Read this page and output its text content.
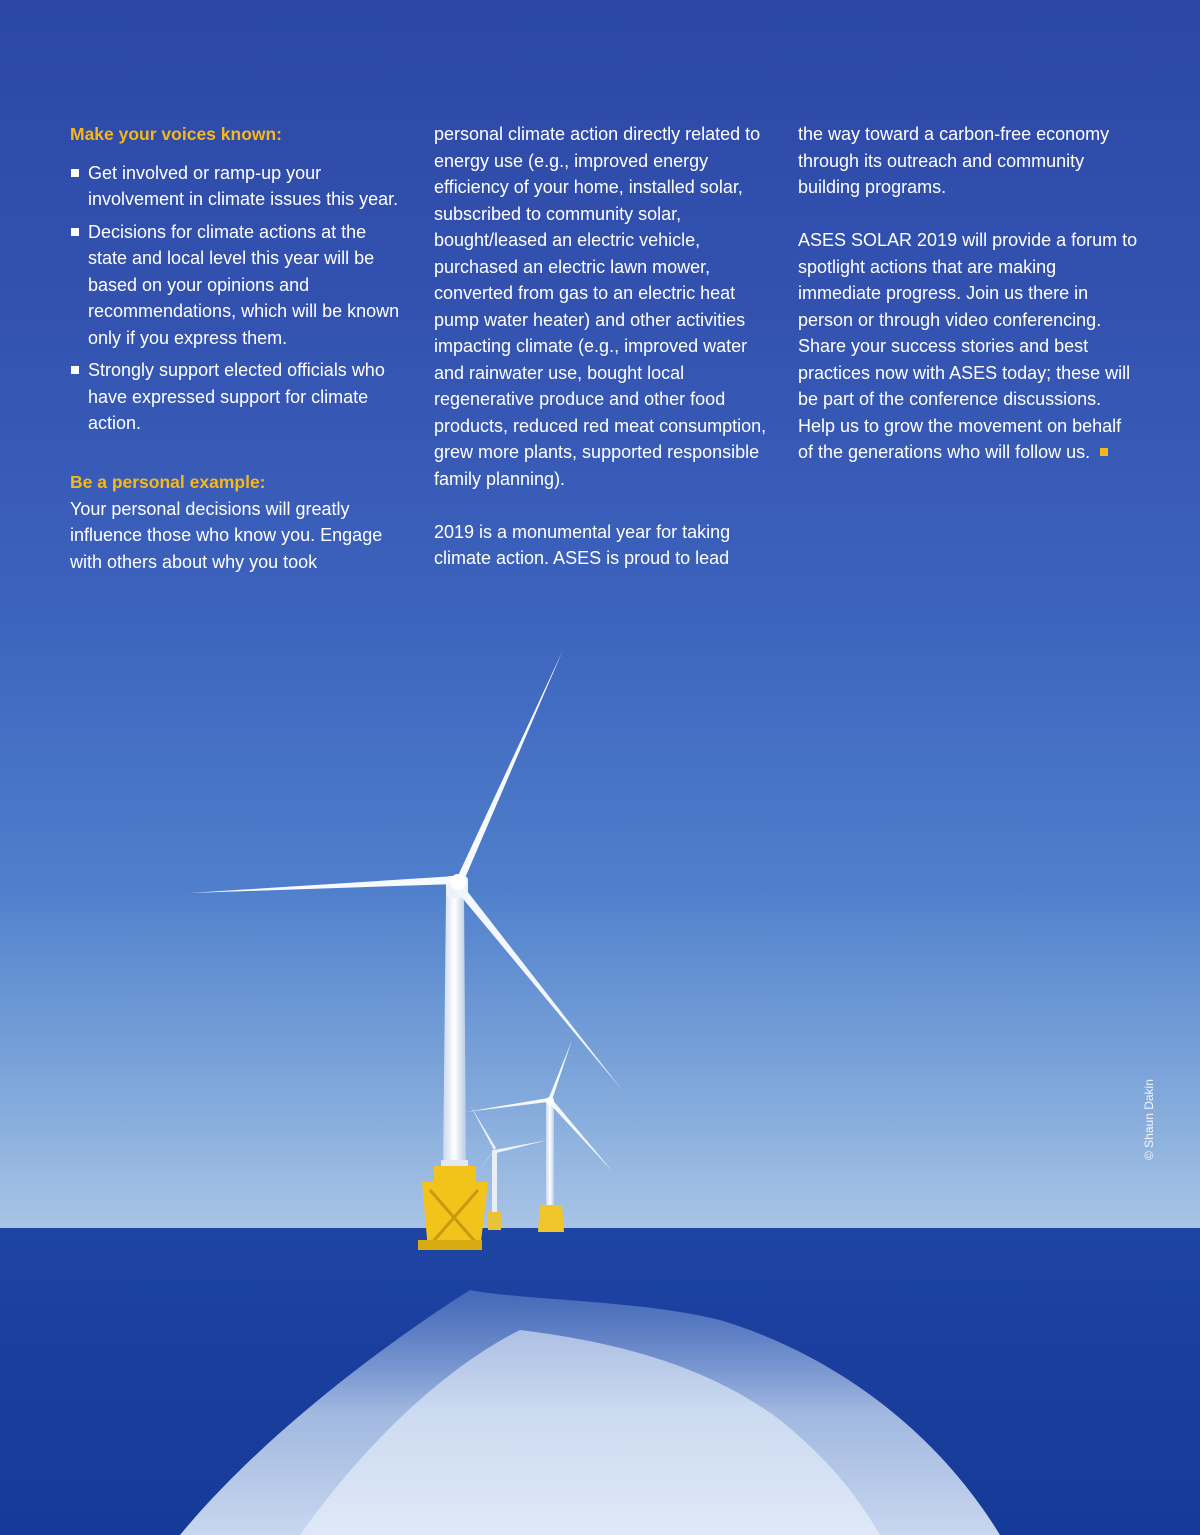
Make your voices known:

Get involved or ramp-up your involvement in climate issues this year.
Decisions for climate actions at the state and local level this year will be based on your opinions and recommendations, which will be known only if you express them.
Strongly support elected officials who have expressed support for climate action.

Be a personal example:

Your personal decisions will greatly influence those who know you. Engage with others about why you took

personal climate action directly related to energy use (e.g., improved energy efficiency of your home, installed solar, subscribed to community solar, bought/leased an electric vehicle, purchased an electric lawn mower, converted from gas to an electric heat pump water heater) and other activities impacting climate (e.g., improved water and rainwater use, bought local regenerative produce and other food products, reduced red meat consumption, grew more plants, supported responsible family planning).

2019 is a monumental year for taking climate action. ASES is proud to lead

the way toward a carbon-free economy through its outreach and community building programs.

ASES SOLAR 2019 will provide a forum to spotlight actions that are making immediate progress. Join us there in person or through video conferencing. Share your success stories and best practices now with ASES today; these will be part of the conference discussions. Help us to grow the movement on behalf of the generations who will follow us.

© Shaun Dakin
